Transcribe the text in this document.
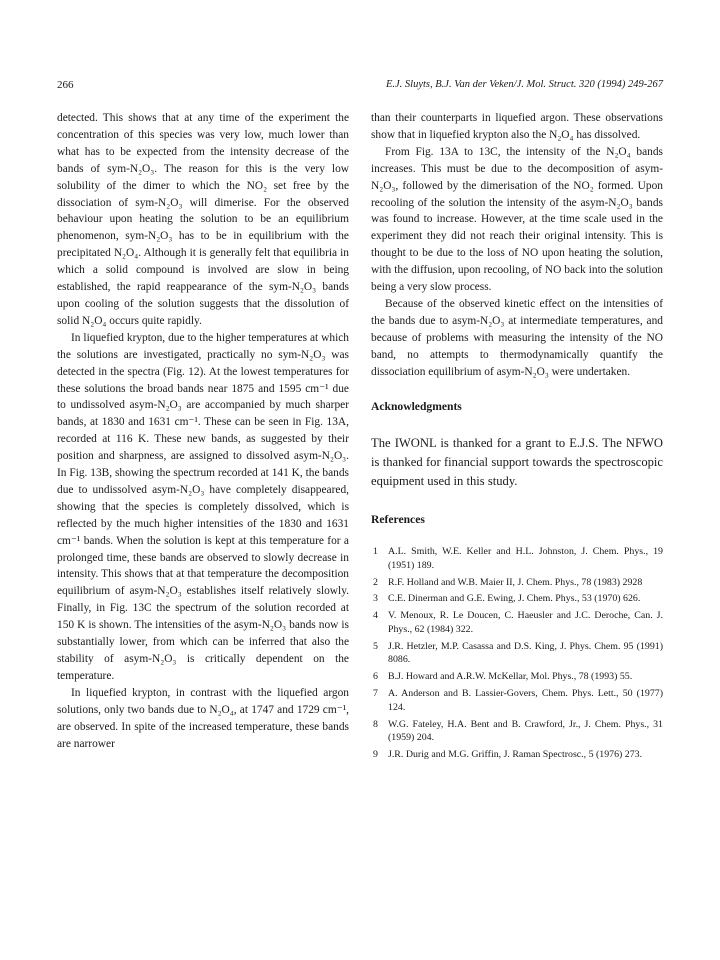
266	E.J. Sluyts, B.J. Van der Veken/J. Mol. Struct. 320 (1994) 249-267

detected. This shows that at any time of the experiment the concentration of this species was very low, much lower than what has to be expected from the intensity decrease of the bands of sym-N₂O₃. The reason for this is the very low solubility of the dimer to which the NO₂ set free by the dissociation of sym-N₂O₃ will dimerise. For the observed behaviour upon heating the solution to be an equilibrium phenomenon, sym-N₂O₃ has to be in equilibrium with the precipitated N₂O₄. Although it is generally felt that equilibria in which a solid compound is involved are slow in being established, the rapid reappearance of the sym-N₂O₃ bands upon cooling of the solution suggests that the dissolution of solid N₂O₄ occurs quite rapidly.

In liquefied krypton, due to the higher temperatures at which the solutions are investigated, practically no sym-N₂O₃ was detected in the spectra (Fig. 12). At the lowest temperatures for these solutions the broad bands near 1875 and 1595 cm⁻¹ due to undissolved asym-N₂O₃ are accompanied by much sharper bands, at 1830 and 1631 cm⁻¹. These can be seen in Fig. 13A, recorded at 116 K. These new bands, as suggested by their position and sharpness, are assigned to dissolved asym-N₂O₃. In Fig. 13B, showing the spectrum recorded at 141 K, the bands due to undissolved asym-N₂O₃ have completely disappeared, showing that the species is completely dissolved, which is reflected by the much higher intensities of the 1830 and 1631 cm⁻¹ bands. When the solution is kept at this temperature for a prolonged time, these bands are observed to slowly decrease in intensity. This shows that at that temperature the decomposition equilibrium of asym-N₂O₃ establishes itself relatively slowly. Finally, in Fig. 13C the spectrum of the solution recorded at 150 K is shown. The intensities of the asym-N₂O₃ bands now is substantially lower, from which can be inferred that also the stability of asym-N₂O₃ is critically dependent on the temperature.

In liquefied krypton, in contrast with the liquefied argon solutions, only two bands due to N₂O₄, at 1747 and 1729 cm⁻¹, are observed. In spite of the increased temperature, these bands are narrower

than their counterparts in liquefied argon. These observations show that in liquefied krypton also the N₂O₄ has dissolved.

From Fig. 13A to 13C, the intensity of the N₂O₄ bands increases. This must be due to the decomposition of asym-N₂O₃, followed by the dimerisation of the NO₂ formed. Upon recooling of the solution the intensity of the asym-N₂O₃ bands was found to increase. However, at the time scale used in the experiment they did not reach their original intensity. This is thought to be due to the loss of NO upon heating the solution, with the diffusion, upon recooling, of NO back into the solution being a very slow process.

Because of the observed kinetic effect on the intensities of the bands due to asym-N₂O₃ at intermediate temperatures, and because of problems with measuring the intensity of the NO band, no attempts to thermodynamically quantify the dissociation equilibrium of asym-N₂O₃ were undertaken.

Acknowledgments

The IWONL is thanked for a grant to E.J.S. The NFWO is thanked for financial support towards the spectroscopic equipment used in this study.

References
1 A.L. Smith, W.E. Keller and H.L. Johnston, J. Chem. Phys., 19 (1951) 189.
2 R.F. Holland and W.B. Maier II, J. Chem. Phys., 78 (1983) 2928
3 C.E. Dinerman and G.E. Ewing, J. Chem. Phys., 53 (1970) 626.
4 V. Menoux, R. Le Doucen, C. Haeusler and J.C. Deroche, Can. J. Phys., 62 (1984) 322.
5 J.R. Hetzler, M.P. Casassa and D.S. King, J. Phys. Chem. 95 (1991) 8086.
6 B.J. Howard and A.R.W. McKellar, Mol. Phys., 78 (1993) 55.
7 A. Anderson and B. Lassier-Govers, Chem. Phys. Lett., 50 (1977) 124.
8 W.G. Fateley, H.A. Bent and B. Crawford, Jr., J. Chem. Phys., 31 (1959) 204.
9 J.R. Durig and M.G. Griffin, J. Raman Spectrosc., 5 (1976) 273.
